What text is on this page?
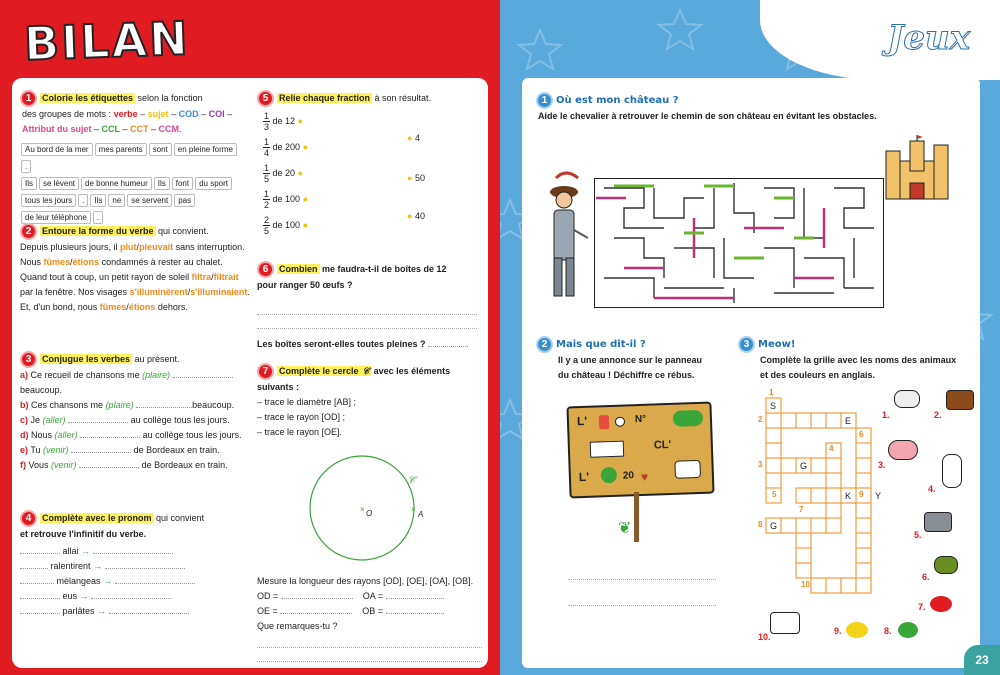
BILAN
1 Colorie les étiquettes selon la fonction
des groupes de mots : verbe – sujet – COD – COI –
Attribut du sujet – CCL – CCT – CCM.
Au bord de la mer mes parents sont en pleine forme.
Ils se lèvent de bonne humeur Ils font du sport
tous les jours . Ils ne se servent pasde leur téléphone .
2 Entoure la forme du verbe qui convient.
Depuis plusieurs jours, il plut/pleuvait sans interruption.
Nous fûmes/étions condamnés à rester au chalet.
Quand tout à coup, un petit rayon de soleil filtra/filtrait
par la fenêtre. Nos visages s'illuminèrent/s'illuminaient.
Et, d'un bond, nous fûmes/étions dehors.
3 Conjugue les verbes au présent.
a) Ce recueil de chansons me (plaire)
beaucoup.
b) Ces chansons me (plaire)	beaucoup.
c) Je (aller)	au collège tous les jours.
d) Nous (aller)	au collège tous les jours.
e) Tu (venir)	de Bordeaux en train.
f) Vous (venir)	de Bordeaux en train.
4 Complète avec le pronom qui convient
et retrouve l'infinitif du verbe.
allai →
ralentirent →
mélangeas →
eus →
parlâtes →
5 Relie chaque fraction à son résultat.
$\frac{1}{3}$ de 12 ●
$\frac{1}{4}$ de 200 ●
$\frac{1}{5}$ de 20 ●
$\frac{1}{2}$ de 100 ●
$\frac{2}{5}$ de 100 ●
● 4
● 50
● 40
6 Combien me faudra-t-il de boîtes de 12
pour ranger 50 œufs ?
Les boîtes seront-elles toutes pleines ?
7 Complète le cercle 𝒞 avec les éléments
suivants :
– trace le diamètre [AB] ;
– trace le rayon [OD] ;
– trace le rayon [OE].
×	×
𝒞
O	A
Mesure la longueur des rayons [OD], [OE], [OA], [OB].
OD =	OA =
OE =	OB =
Que remarques-tu ?
Jeux
1 Où est mon château ?
Aide le chevalier à retrouver le chemin de son château en évitant les obstacles.
2 Mais que dit-il ?
Il y a une annonce sur le panneau
du château ! Déchiffre ce rébus.
L'	N°
CL'
L'	20 ♥
❦
3 Meow!
Complète la grille avec les noms des animaux
et des couleurs en anglais.
S
E
G
K	Y
G
1
2
3
4
5
6
7
8
9
10
1.	2.
3.
4.
5.
6.
7.
8.
9.
10.
23
